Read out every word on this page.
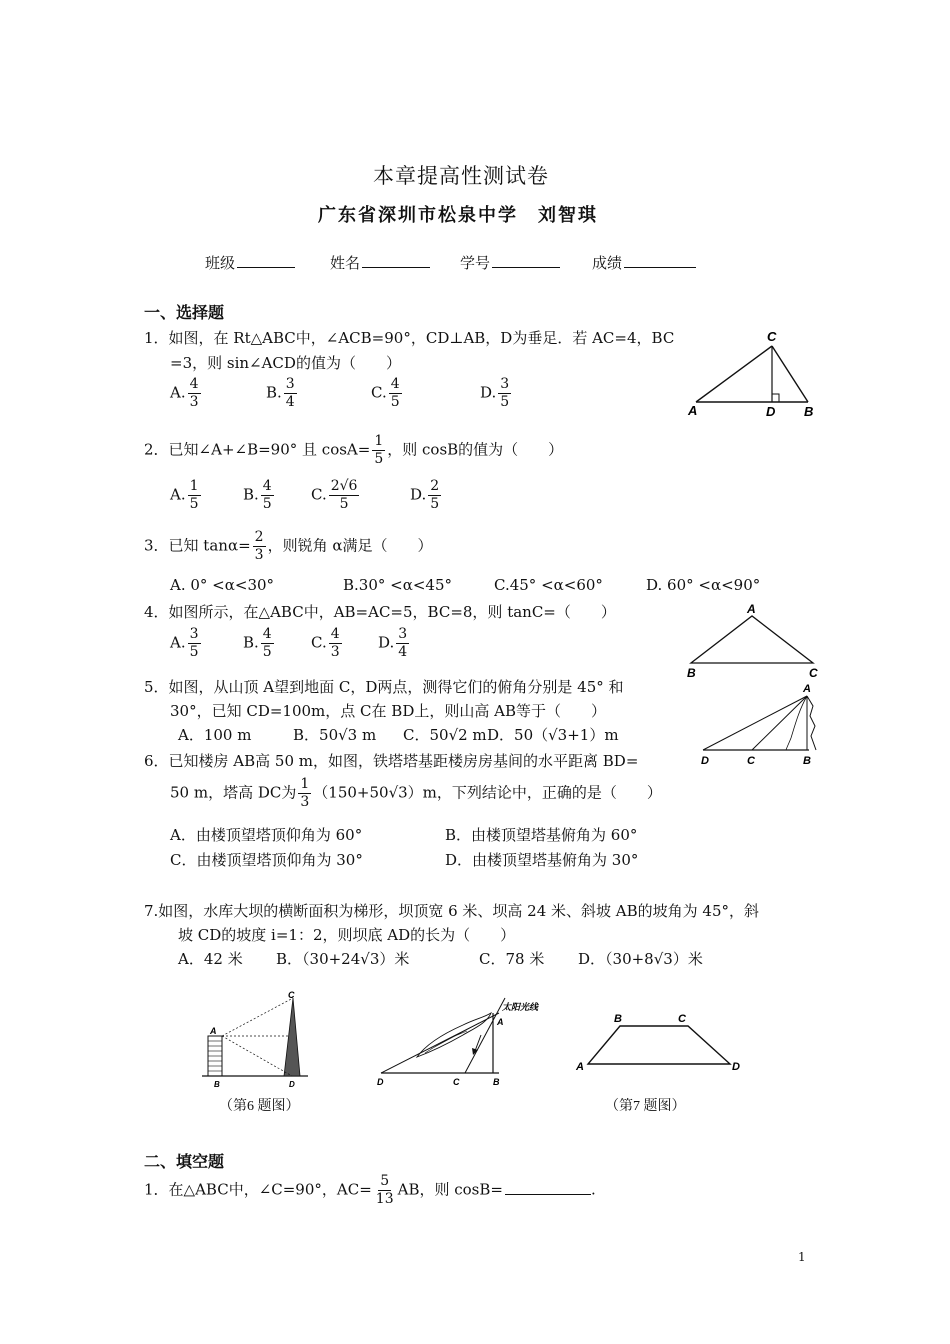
本章提高性测试卷
广东省深圳市松泉中学　刘智琪
班级	姓名	学号	成绩
一、选择题
1．如图，在 Rt△ABC中，∠ACB=90°，CD⊥AB，D为垂足．若 AC=4，BC
=3，则 sin∠ACD的值为（　　）
A. $\frac{4}{3}$	B. $\frac{3}{4}$	C. $\frac{4}{5}$	D. $\frac{3}{5}$
C
A	D B
2．已知∠A+∠B=90° 且 $\cos A= \frac{1}{5}$ ，则 cosB的值为（　　）
A. $\frac{1}{5}$	B. $\frac{4}{5} C$. $\frac{2√6}{5}$	D. $\frac{2}{5}$
3．已知 $\tan\alpha= \frac{2}{3}$ ，则锐角 α满足（　　）
A. 0° <α<30°	B.30° <α<45°	C.45° <α<60°	D. 60° <α<90°
4．如图所示，在△ABC中，AB=AC=5，BC=8，则 tanC=（　　）
A. $\frac{3}{5}$	B. $\frac{4}{5} C$. $\frac{4}{3} D$. $\frac{3}{4}$
A
B	C
5．如图，从山顶 A望到地面 C，D两点，测得它们的俯角分别是 45° 和
30°，已知 CD=100m，点 C在 BD上，则山高 AB等于（　　）
A．100 m	B．50√3 m C．50√2 m D．50（√3+1）m
A
D	C	B
6．已知楼房 AB高 50 m，如图，铁塔塔基距楼房房基间的水平距离 BD=
50 m，塔高 DC为 $\frac{1}{3} (150+50√3)m$，下列结论中，正确的是（　　）
A．由楼顶望塔顶仰角为 60°	B．由楼顶望塔基俯角为 60°
C．由楼顶望塔顶仰角为 30°	D．由楼顶望塔基俯角为 30°
7.如图，水库大坝的横断面积为梯形，坝顶宽 6 米、坝高 24 米、斜坡 AB的坡角为 45°，斜
坡 CD的坡度 i=1：2，则坝底 AD的长为（　　）
A．42 米 B．（30+24√3）米	C．78 米 D．（30+8√3）米
C
A
B	D
太阳光线
A
D	C	B
B	C
A	D
（第6 题图）	（第7 题图）
二、填空题
1．在△ABC中，∠C=90°，$AC= \frac{5}{13}$ AB，则 cosB=	.
1
